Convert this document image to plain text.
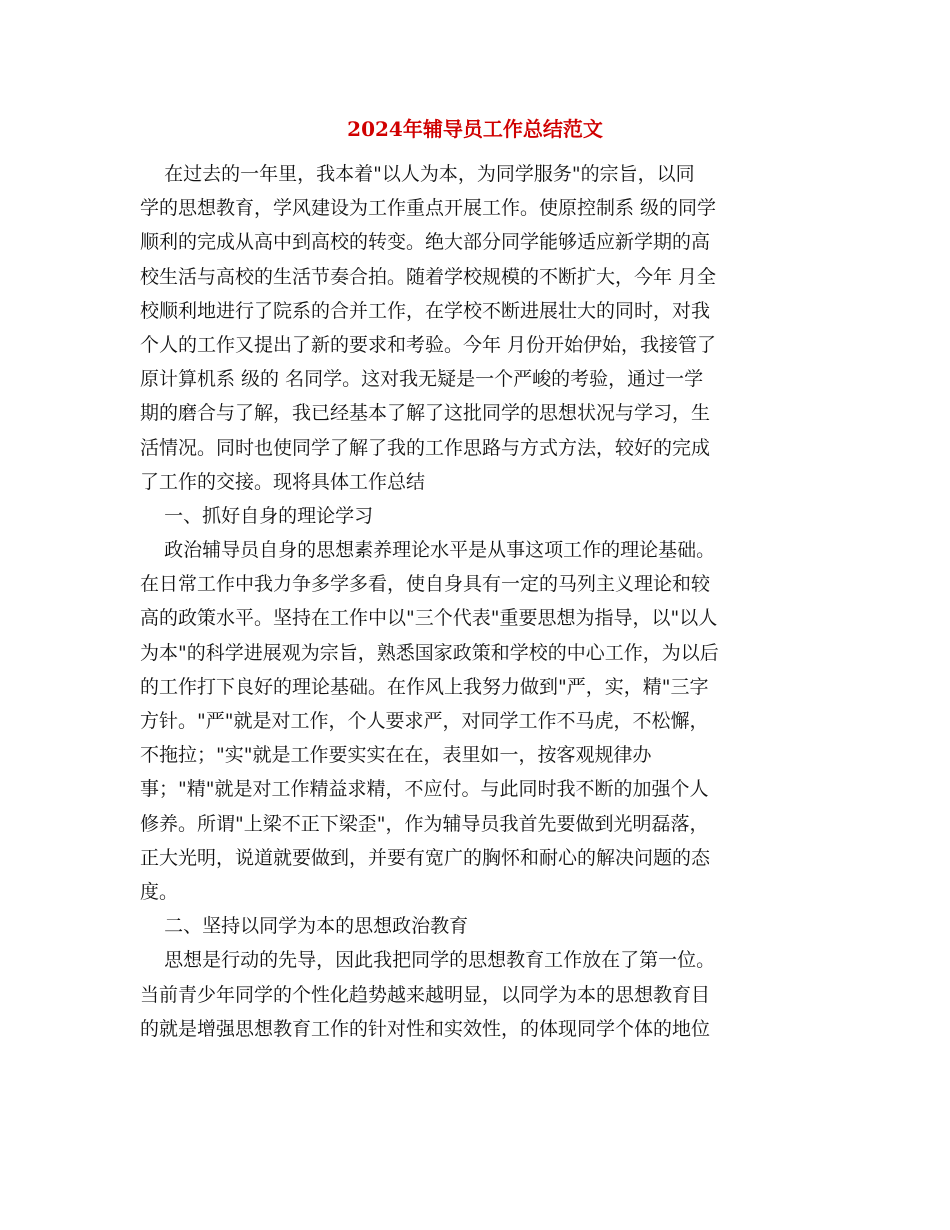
2024年辅导员工作总结范文
在过去的一年里，我本着"以人为本，为同学服务"的宗旨，以同
学的思想教育，学风建设为工作重点开展工作。使原控制系 级的同学
顺利的完成从高中到高校的转变。绝大部分同学能够适应新学期的高
校生活与高校的生活节奏合拍。随着学校规模的不断扩大，今年 月全
校顺利地进行了院系的合并工作，在学校不断进展壮大的同时，对我
个人的工作又提出了新的要求和考验。今年 月份开始伊始，我接管了
原计算机系 级的 名同学。这对我无疑是一个严峻的考验，通过一学
期的磨合与了解，我已经基本了解了这批同学的思想状况与学习，生
活情况。同时也使同学了解了我的工作思路与方式方法，较好的完成
了工作的交接。现将具体工作总结
一、抓好自身的理论学习
政治辅导员自身的思想素养理论水平是从事这项工作的理论基础。
在日常工作中我力争多学多看，使自身具有一定的马列主义理论和较
高的政策水平。坚持在工作中以"三个代表"重要思想为指导，以"以人
为本"的科学进展观为宗旨，熟悉国家政策和学校的中心工作，为以后
的工作打下良好的理论基础。在作风上我努力做到"严，实，精"三字
方针。"严"就是对工作，个人要求严，对同学工作不马虎，不松懈，
不拖拉；"实"就是工作要实实在在，表里如一，按客观规律办
事；"精"就是对工作精益求精，不应付。与此同时我不断的加强个人
修养。所谓"上梁不正下梁歪"，作为辅导员我首先要做到光明磊落，
正大光明，说道就要做到，并要有宽广的胸怀和耐心的解决问题的态
度。
二、坚持以同学为本的思想政治教育
思想是行动的先导，因此我把同学的思想教育工作放在了第一位。
当前青少年同学的个性化趋势越来越明显，以同学为本的思想教育目
的就是增强思想教育工作的针对性和实效性，的体现同学个体的地位
